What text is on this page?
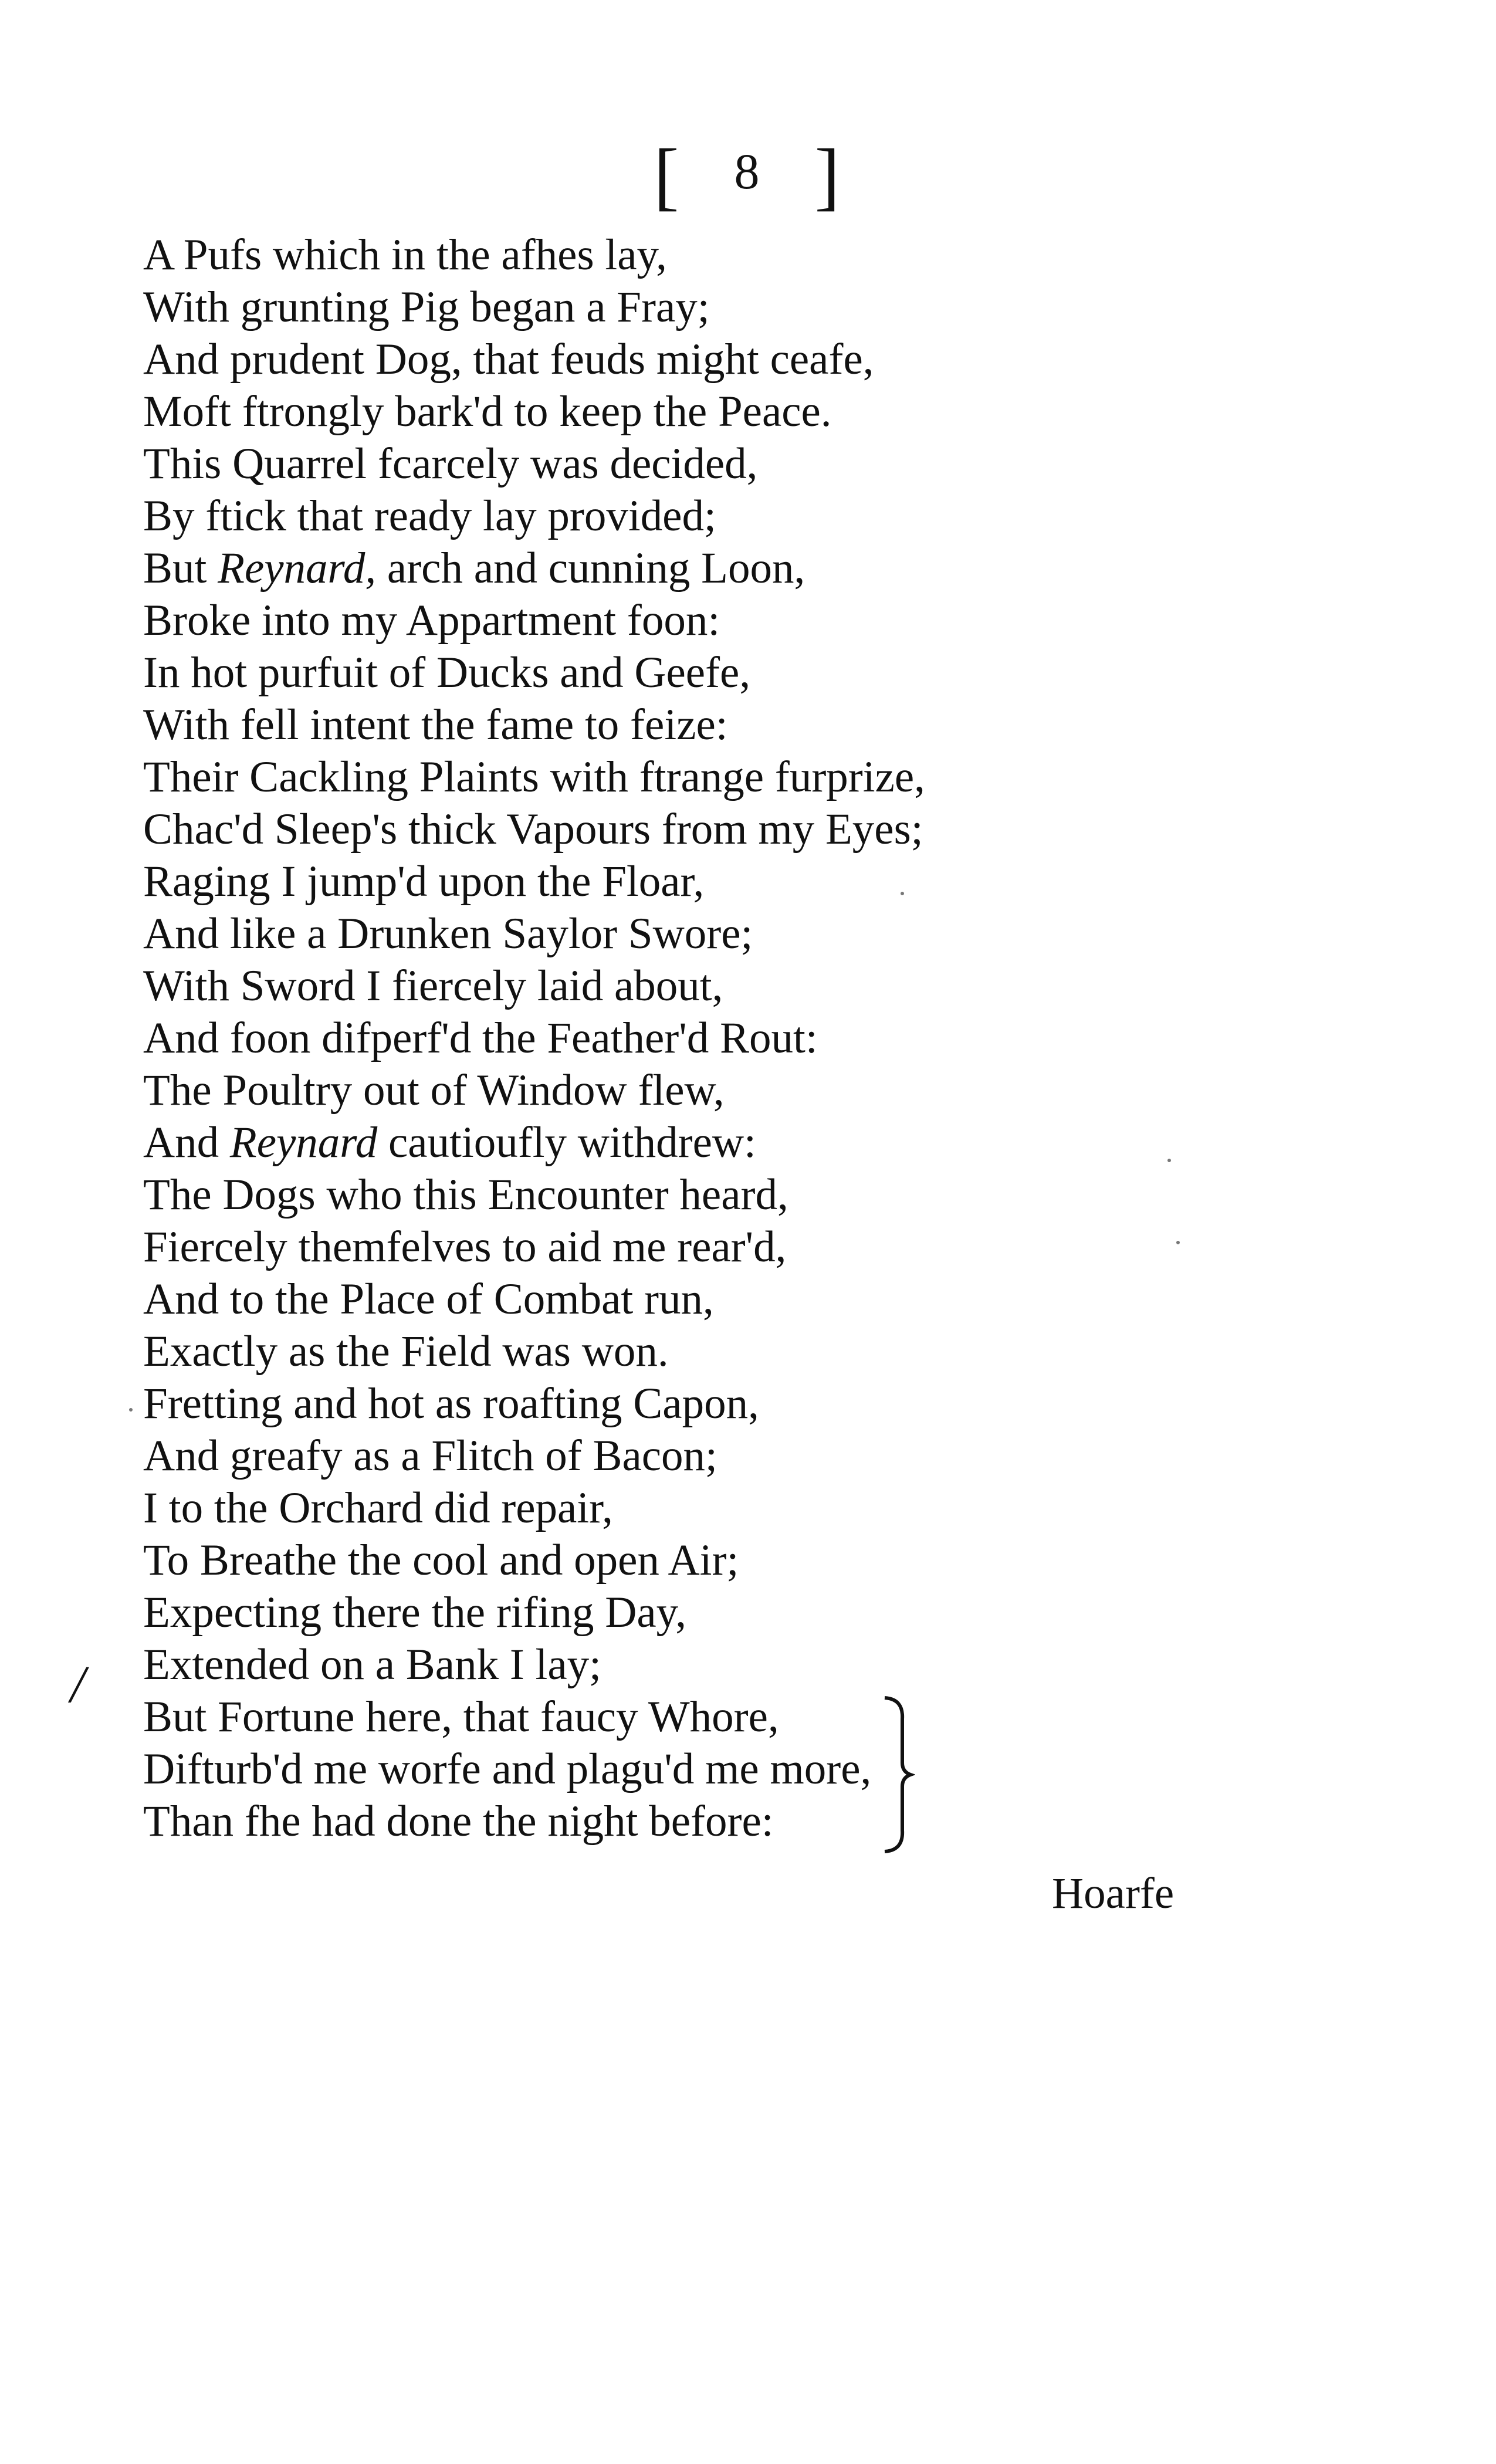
[ 8 ]
A Pufs which in the afhes lay,
With grunting Pig began a Fray;
And prudent Dog, that feuds might ceafe,
Moft ftrongly bark'd to keep the Peace.
This Quarrel fcarcely was decided,
By ftick that ready lay provided;
But Reynard, arch and cunning Loon,
Broke into my Appartment foon:
In hot purfuit of Ducks and Geefe,
With fell intent the fame to feize:
Their Cackling Plaints with ftrange furprize,
Chac'd Sleep's thick Vapours from my Eyes;
Raging I jump'd upon the Floar,
And like a Drunken Saylor Swore;
With Sword I fiercely laid about,
And foon difperf'd the Feather'd Rout:
The Poultry out of Window flew,
And Reynard cautioufly withdrew:
The Dogs who this Encounter heard,
Fiercely themfelves to aid me rear'd,
And to the Place of Combat run,
Exactly as the Field was won.
Fretting and hot as roafting Capon,
And greafy as a Flitch of Bacon;
I to the Orchard did repair,
To Breathe the cool and open Air;
Expecting there the rifing Day,
Extended on a Bank I lay;
But Fortune here, that faucy Whore,
Difturb'd me worfe and plagu'd me more,
Than fhe had done the night before:
/
Hoarfe
